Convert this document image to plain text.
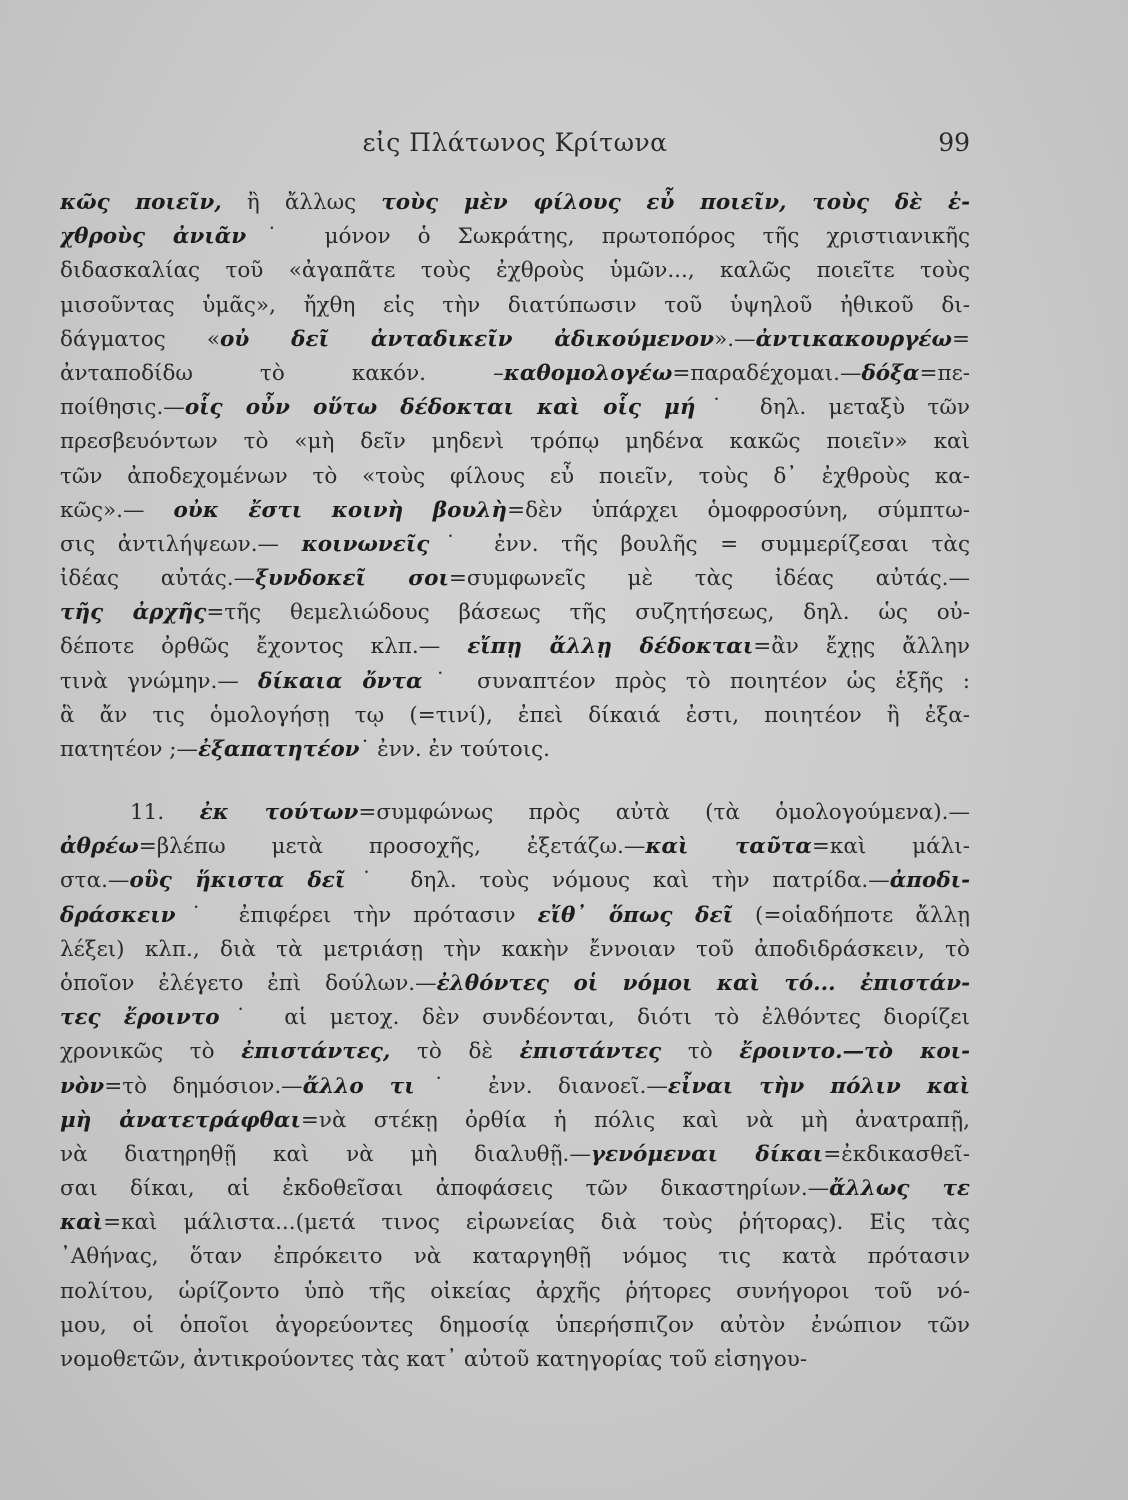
εἰς Πλάτωνος Κρίτωνα	99
κῶς ποιεῖν, ἢ ἄλλως τοὺς μὲν φίλους εὖ ποιεῖν, τοὺς δὲ ἐ-
χθροὺς ἀνιᾶν˙ μόνον ὁ Σωκράτης, πρωτοπόρος τῆς χριστιανικῆς
διδασκαλίας τοῦ «ἀγαπᾶτε τοὺς ἐχθροὺς ὑμῶν..., καλῶς ποιεῖτε τοὺς
μισοῦντας ὑμᾶς», ἤχθη εἰς τὴν διατύπωσιν τοῦ ὑψηλοῦ ἠθικοῦ δι-
δάγματος «οὐ δεῖ ἀνταδικεῖν ἀδικούμενον».—ἀντικακουργέω=
ἀνταποδίδω τὸ κακόν. –καθομολογέω=παραδέχομαι.—δόξα=πε-
ποίθησις.—οἷς οὖν οὕτω δέδοκται καὶ οἷς μή˙ δηλ. μεταξὺ τῶν
πρεσβευόντων τὸ «μὴ δεῖν μηδενὶ τρόπῳ μηδένα κακῶς ποιεῖν» καὶ
τῶν ἀποδεχομένων τὸ «τοὺς φίλους εὖ ποιεῖν, τοὺς δ᾽ ἐχθροὺς κα-
κῶς».— οὐκ ἔστι κοινὴ βουλὴ=δὲν ὑπάρχει ὁμοφροσύνη, σύμπτω-
σις ἀντιλήψεων.— κοινωνεῖς˙ ἐνν. τῆς βουλῆς = συμμερίζεσαι τὰς
ἰδέας αὐτάς.—ξυνδοκεῖ σοι=συμφωνεῖς μὲ τὰς ἰδέας αὐτάς.—
τῆς ἀρχῆς=τῆς θεμελιώδους βάσεως τῆς συζητήσεως, δηλ. ὡς οὐ-
δέποτε ὀρθῶς ἔχοντος κλπ.— εἴπῃ ἄλλῃ δέδοκται=ἂν ἔχῃς ἄλλην
τινὰ γνώμην.— δίκαια ὄντα˙ συναπτέον πρὸς τὸ ποιητέον ὡς ἑξῆς :
ἃ ἄν τις ὁμολογήσῃ τῳ (=τινί), ἐπεὶ δίκαιά ἐστι, ποιητέον ἢ ἐξα-
πατητέον ;—ἐξαπατητέον˙ ἐνν. ἐν τούτοις.
11. ἐκ τούτων=συμφώνως πρὸς αὐτὰ (τὰ ὁμολογούμενα).—
ἀθρέω=βλέπω μετὰ προσοχῆς, ἐξετάζω.—καὶ ταῦτα=καὶ μάλι-
στα.—οὓς ἥκιστα δεῖ˙ δηλ. τοὺς νόμους καὶ τὴν πατρίδα.—ἀποδι-
δράσκειν˙ ἐπιφέρει τὴν πρότασιν εἴθ᾽ ὅπως δεῖ (=οἱαδήποτε ἄλλῃ
λέξει) κλπ., διὰ τὰ μετριάσῃ τὴν κακὴν ἔννοιαν τοῦ ἀποδιδράσκειν, τὸ
ὁποῖον ἐλέγετο ἐπὶ δούλων.—ἐλθόντες οἱ νόμοι καὶ τό... ἐπιστάν-
τες ἔροιντο˙ αἱ μετοχ. δὲν συνδέονται, διότι τὸ ἐλθόντες διορίζει
χρονικῶς τὸ ἐπιστάντες, τὸ δὲ ἐπιστάντες τὸ ἔροιντο.—τὸ κοι-
νὸν=τὸ δημόσιον.—ἄλλο τι˙ ἐνν. διανοεῖ.—εἶναι τὴν πόλιν καὶ
μὴ ἀνατετράφθαι=νὰ στέκῃ ὀρθία ἡ πόλις καὶ νὰ μὴ ἀνατραπῇ,
νὰ διατηρηθῇ καὶ νὰ μὴ διαλυθῇ.—γενόμεναι δίκαι=ἐκδικασθεῖ-
σαι δίκαι, αἱ ἐκδοθεῖσαι ἀποφάσεις τῶν δικαστηρίων.—ἄλλως τε
καὶ=καὶ μάλιστα...(μετά τινος εἰρωνείας διὰ τοὺς ῥήτορας). Εἰς τὰς
᾽Αθήνας, ὅταν ἐπρόκειτο νὰ καταργηθῇ νόμος τις κατὰ πρότασιν
πολίτου, ὡρίζοντο ὑπὸ τῆς οἰκείας ἀρχῆς ῥήτορες συνήγοροι τοῦ νό-
μου, οἱ ὁποῖοι ἀγορεύοντες δημοσίᾳ ὑπερήσπιζον αὐτὸν ἐνώπιον τῶν
νομοθετῶν, ἀντικρούοντες τὰς κατ᾽ αὐτοῦ κατηγορίας τοῦ εἰσηγου-
